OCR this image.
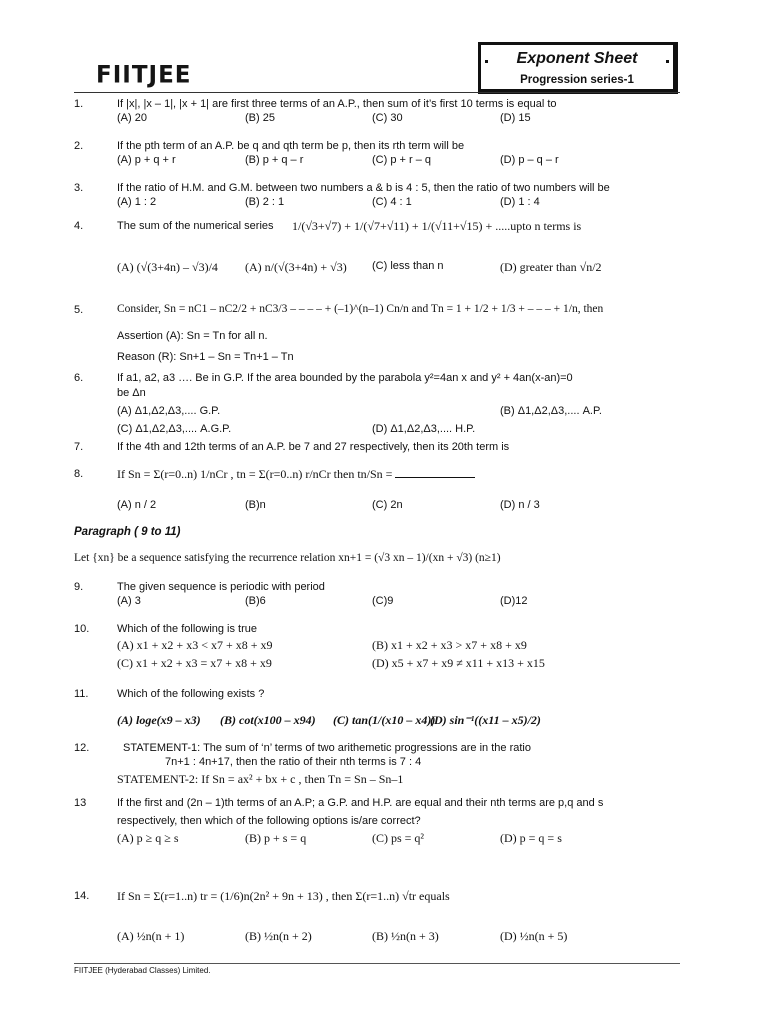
FIITJEE
Exponent Sheet
Progression series-1
1.	If |x|, |x – 1|, |x + 1| are first three terms of an A.P., then sum of it’s first 10 terms is equal to
(A) 20	(B) 25	(C) 30	(D) 15
2.	If the pth term of an A.P. be q and qth term be p, then its rth term will be
(A) p + q + r	(B) p + q – r	(C) p + r – q	(D) p – q – r
3.	If the ratio of H.M. and G.M. between two numbers a & b is 4 : 5, then the ratio of two numbers will be
(A) 1 : 2	(B) 2 : 1	(C) 4 : 1	(D) 1 : 4
4.	The sum of the numerical series 1/(√3+√7) + 1/(√7+√11) + 1/(√11+√15) + .....upto n terms is
(A) (√(3+4n) – √3)/4 (A) n/(√(3+4n) + √3) (C) less than n	(D) greater than √n/2
5.	Consider, Sn = nC1 – nC2/2 + nC3/3 – – – – + (–1)^(n–1) Cn/n and Tn = 1 + 1/2 + 1/3 + – – – + 1/n, then
Assertion (A): Sn = Tn for all n.
Reason (R): Sn+1 – Sn = Tn+1 – Tn
6.	If a1, a2, a3 …. Be in G.P. If the area bounded by the parabola y²=4an x and y² + 4an(x-an)=0
be Δn
(A) Δ1,Δ2,Δ3,.... G.P.	(B) Δ1,Δ2,Δ3,.... A.P.
(C) Δ1,Δ2,Δ3,.... A.G.P.	(D) Δ1,Δ2,Δ3,.... H.P.
7.	If the 4th and 12th terms of an A.P. be 7 and 27 respectively, then its 20th term is
8.	If Sn = Σ(r=0..n) 1/nCr , tn = Σ(r=0..n) r/nCr then tn/Sn =
(A) n / 2	(B)n	(C) 2n	(D) n / 3
Paragraph ( 9 to 11)
Let {xn} be a sequence satisfying the recurrence relation xn+1 = (√3 xn – 1)/(xn + √3) (n≥1)
9.	The given sequence is periodic with period
(A) 3	(B)6	(C)9	(D)12
10.	Which of the following is true
(A) x1 + x2 + x3 < x7 + x8 + x9	(B) x1 + x2 + x3 > x7 + x8 + x9
(C) x1 + x2 + x3 = x7 + x8 + x9	(D) x5 + x7 + x9 ≠ x11 + x13 + x15
11.	Which of the following exists ?
(A) loge(x9 – x3) (B) cot(x100 – x94) (C) tan(1/(x10 – x4))
(D) sin⁻¹((x11 – x5)/2)
12.	STATEMENT-1: The sum of ‘n’ terms of two arithemetic progressions are in the ratio
7n+1 : 4n+17, then the ratio of their nth terms is 7 : 4
STATEMENT-2: If Sn = ax² + bx + c , then Tn = Sn – Sn–1
13	If the first and (2n – 1)th terms of an A.P; a G.P. and H.P. are equal and their nth terms are p,q and s
respectively, then which of the following options is/are correct?
(A) p ≥ q ≥ s	(B) p + s = q	(C) ps = q²	(D) p = q = s
14. If Sn = Σ(r=1..n) tr = (1/6)n(2n² + 9n + 13) , then Σ(r=1..n) √tr equals
(A) ½n(n + 1)	(B) ½n(n + 2)	(B) ½n(n + 3)	(D) ½n(n + 5)
FIITJEE (Hyderabad Classes) Limited.
